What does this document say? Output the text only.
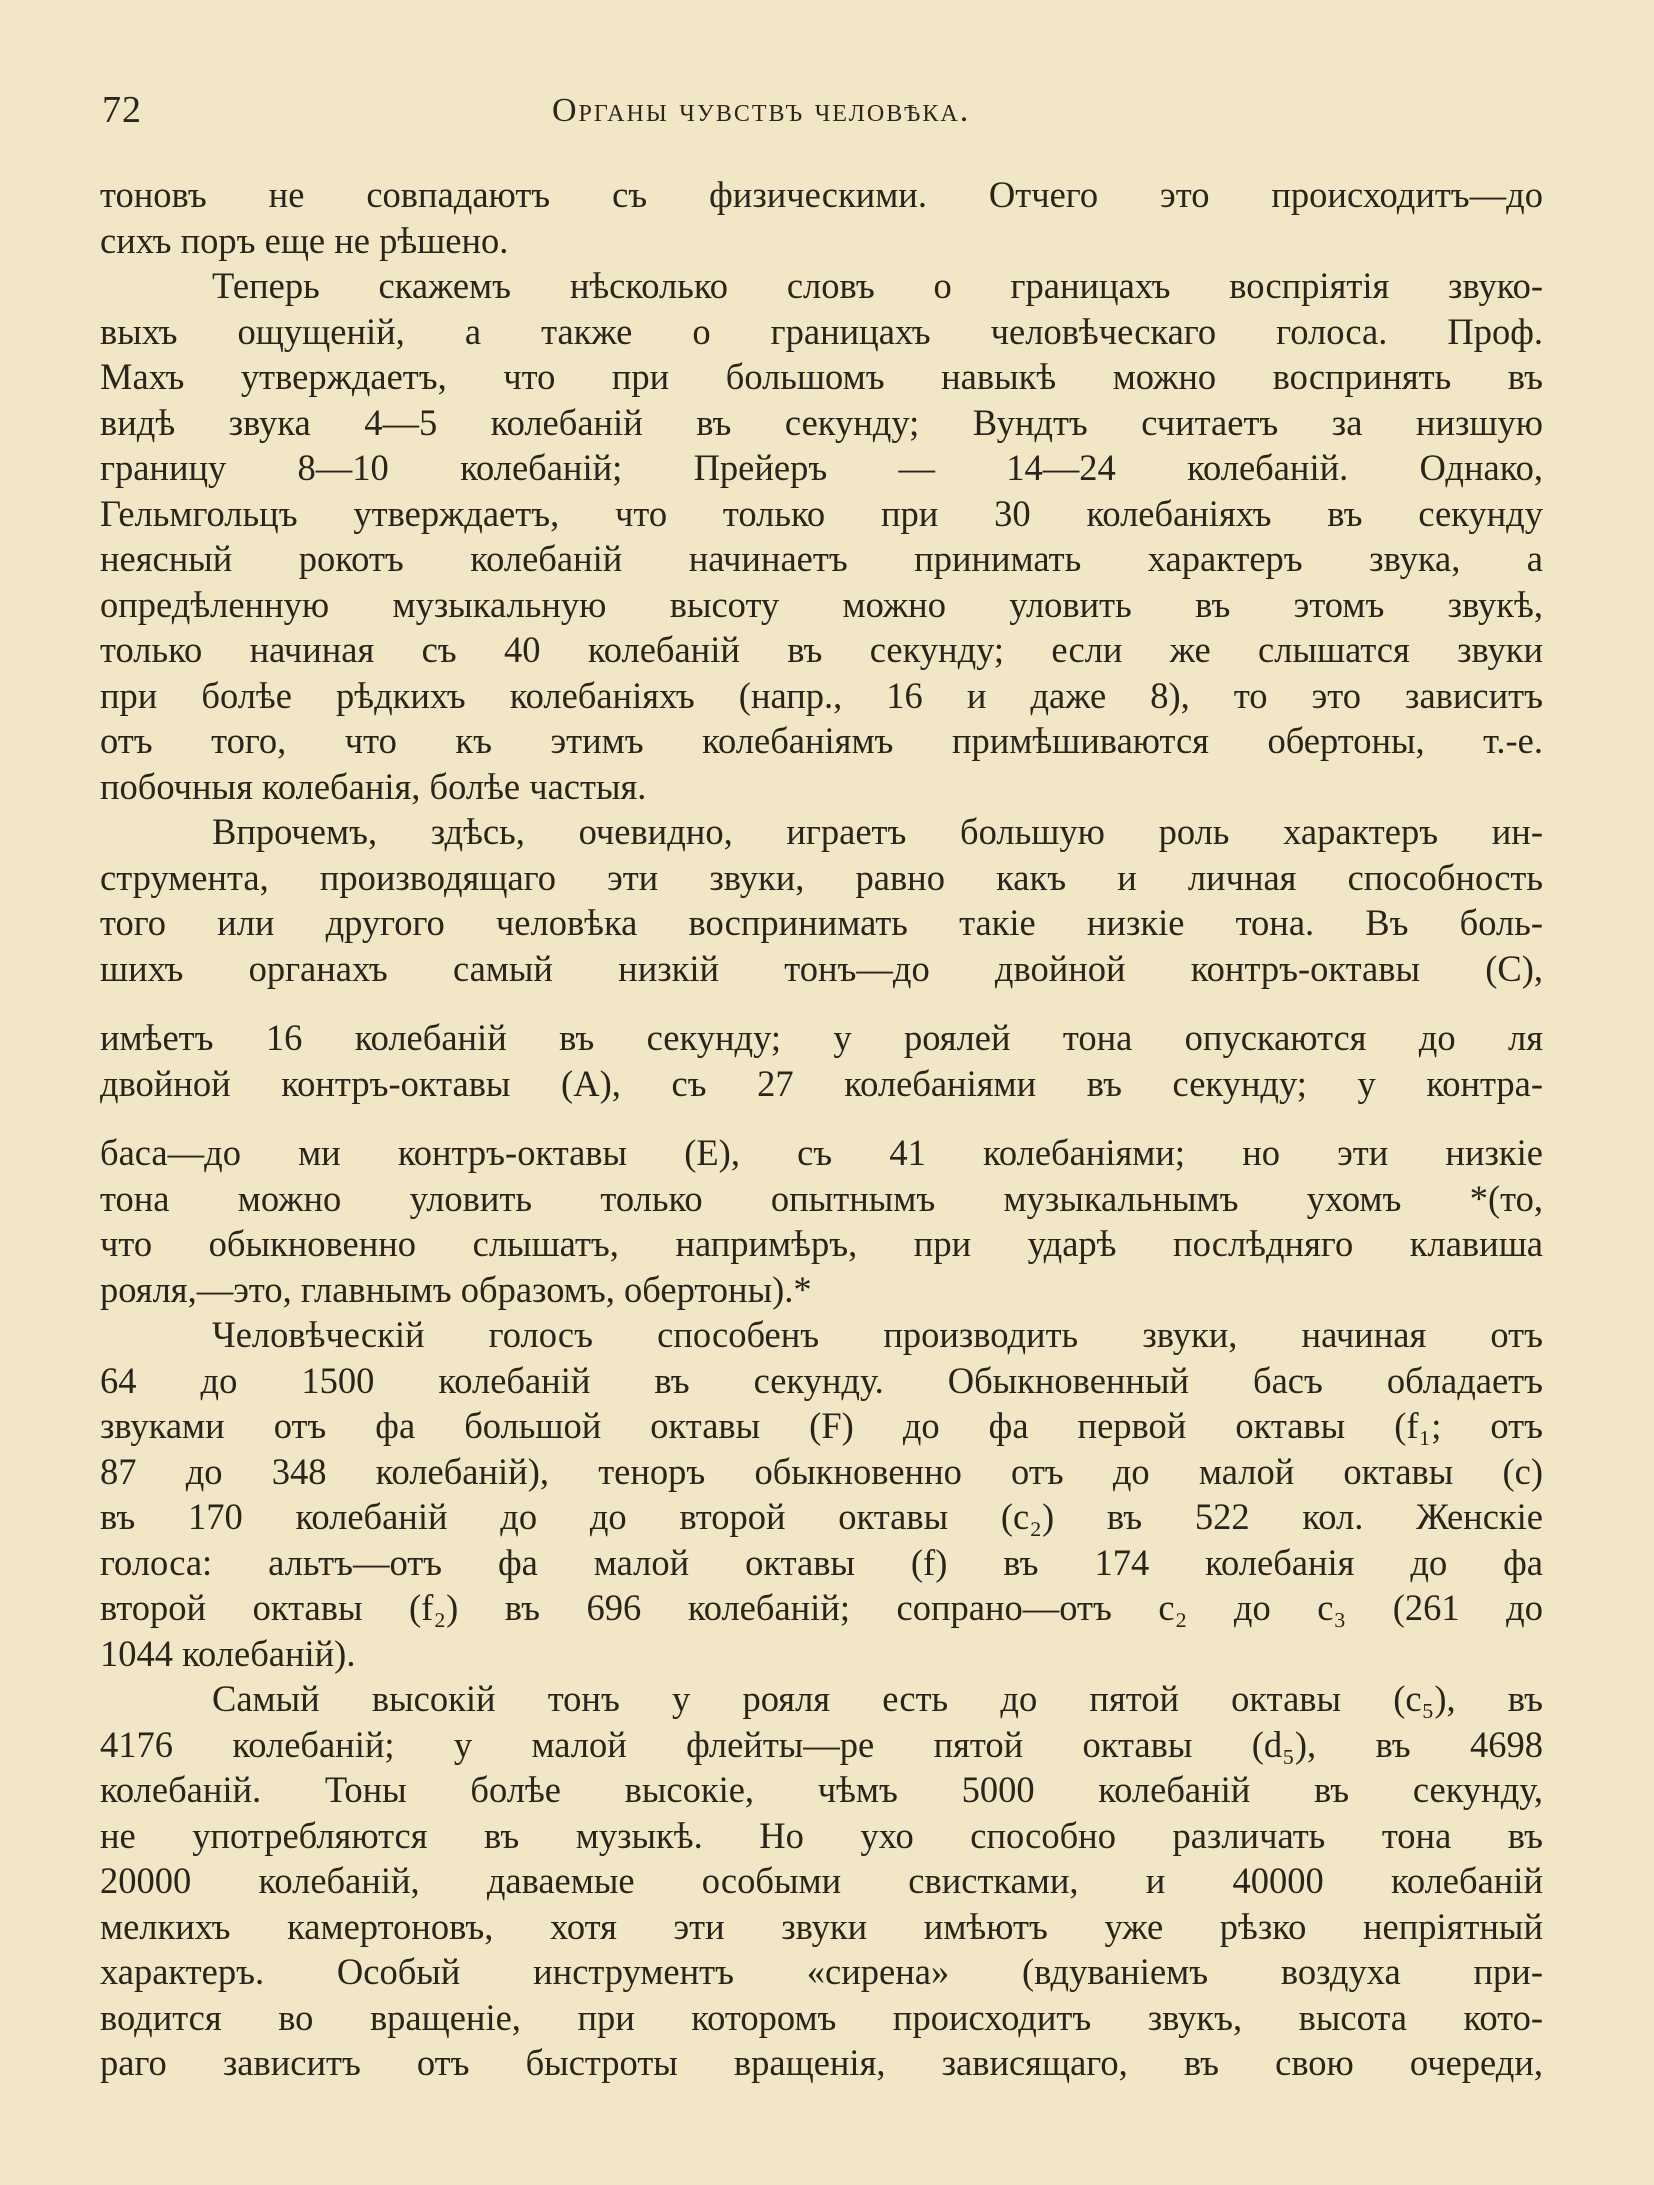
72	Органы чувствъ человѣка.
тоновъ не совпадаютъ съ физическими. Отчего это происходитъ—до
сихъ поръ еще не рѣшено.
Теперь скажемъ нѣсколько словъ о границахъ воспріятія звуко-
выхъ ощущеній, а также о границахъ человѣческаго голоса. Проф.
Махъ утверждаетъ, что при большомъ навыкѣ можно воспринять въ
видѣ звука 4—5 колебаній въ секунду; Вундтъ считаетъ за низшую
границу 8—10 колебаній; Прейеръ — 14—24 колебаній. Однако,
Гельмгольцъ утверждаетъ, что только при 30 колебаніяхъ въ секунду
неясный рокотъ колебаній начинаетъ принимать характеръ звука, а
опредѣленную музыкальную высоту можно уловить въ этомъ звукѣ,
только начиная съ 40 колебаній въ секунду; если же слышатся звуки
при болѣе рѣдкихъ колебаніяхъ (напр., 16 и даже 8), то это зависитъ
отъ того, что къ этимъ колебаніямъ примѣшиваются обертоны, т.-е.
побочныя колебанія, болѣе частыя.
Впрочемъ, здѣсь, очевидно, играетъ большую роль характеръ ин-
струмента, производящаго эти звуки, равно какъ и личная способность
того или другого человѣка воспринимать такіе низкіе тона. Въ боль-
шихъ органахъ самый низкій тонъ—до двойной контръ-октавы (C),
имѣетъ 16 колебаній въ секунду; у роялей тона опускаются до ля
двойной контръ-октавы (A), съ 27 колебаніями въ секунду; у контра-
баса—до ми контръ-октавы (E), съ 41 колебаніями; но эти низкіе
тона можно уловить только опытнымъ музыкальнымъ ухомъ *(то,
что обыкновенно слышатъ, напримѣръ, при ударѣ послѣдняго клавиша
рояля,—это, главнымъ образомъ, обертоны).*
Человѣческій голосъ способенъ производить звуки, начиная отъ
64 до 1500 колебаній въ секунду. Обыкновенный басъ обладаетъ
звуками отъ фа большой октавы (F) до фа первой октавы (f₁; отъ
87 до 348 колебаній), теноръ обыкновенно отъ до малой октавы (c)
въ 170 колебаній до до второй октавы (c₂) въ 522 кол. Женскіе
голоса: альтъ—отъ фа малой октавы (f) въ 174 колебанія до фа
второй октавы (f₂) въ 696 колебаній; сопрано—отъ c₂ до c₃ (261 до
1044 колебаній).
Самый высокій тонъ у рояля есть до пятой октавы (c₅), въ
4176 колебаній; у малой флейты—ре пятой октавы (d₅), въ 4698
колебаній. Тоны болѣе высокіе, чѣмъ 5000 колебаній въ секунду,
не употребляются въ музыкѣ. Но ухо способно различать тона въ
20000 колебаній, даваемые особыми свистками, и 40000 колебаній
мелкихъ камертоновъ, хотя эти звуки имѣютъ уже рѣзко непріятный
характеръ. Особый инструментъ «сирена» (вдуваніемъ воздуха при-
водится во вращеніе, при которомъ происходитъ звукъ, высота кото-
раго зависитъ отъ быстроты вращенія, зависящаго, въ свою очереди,
